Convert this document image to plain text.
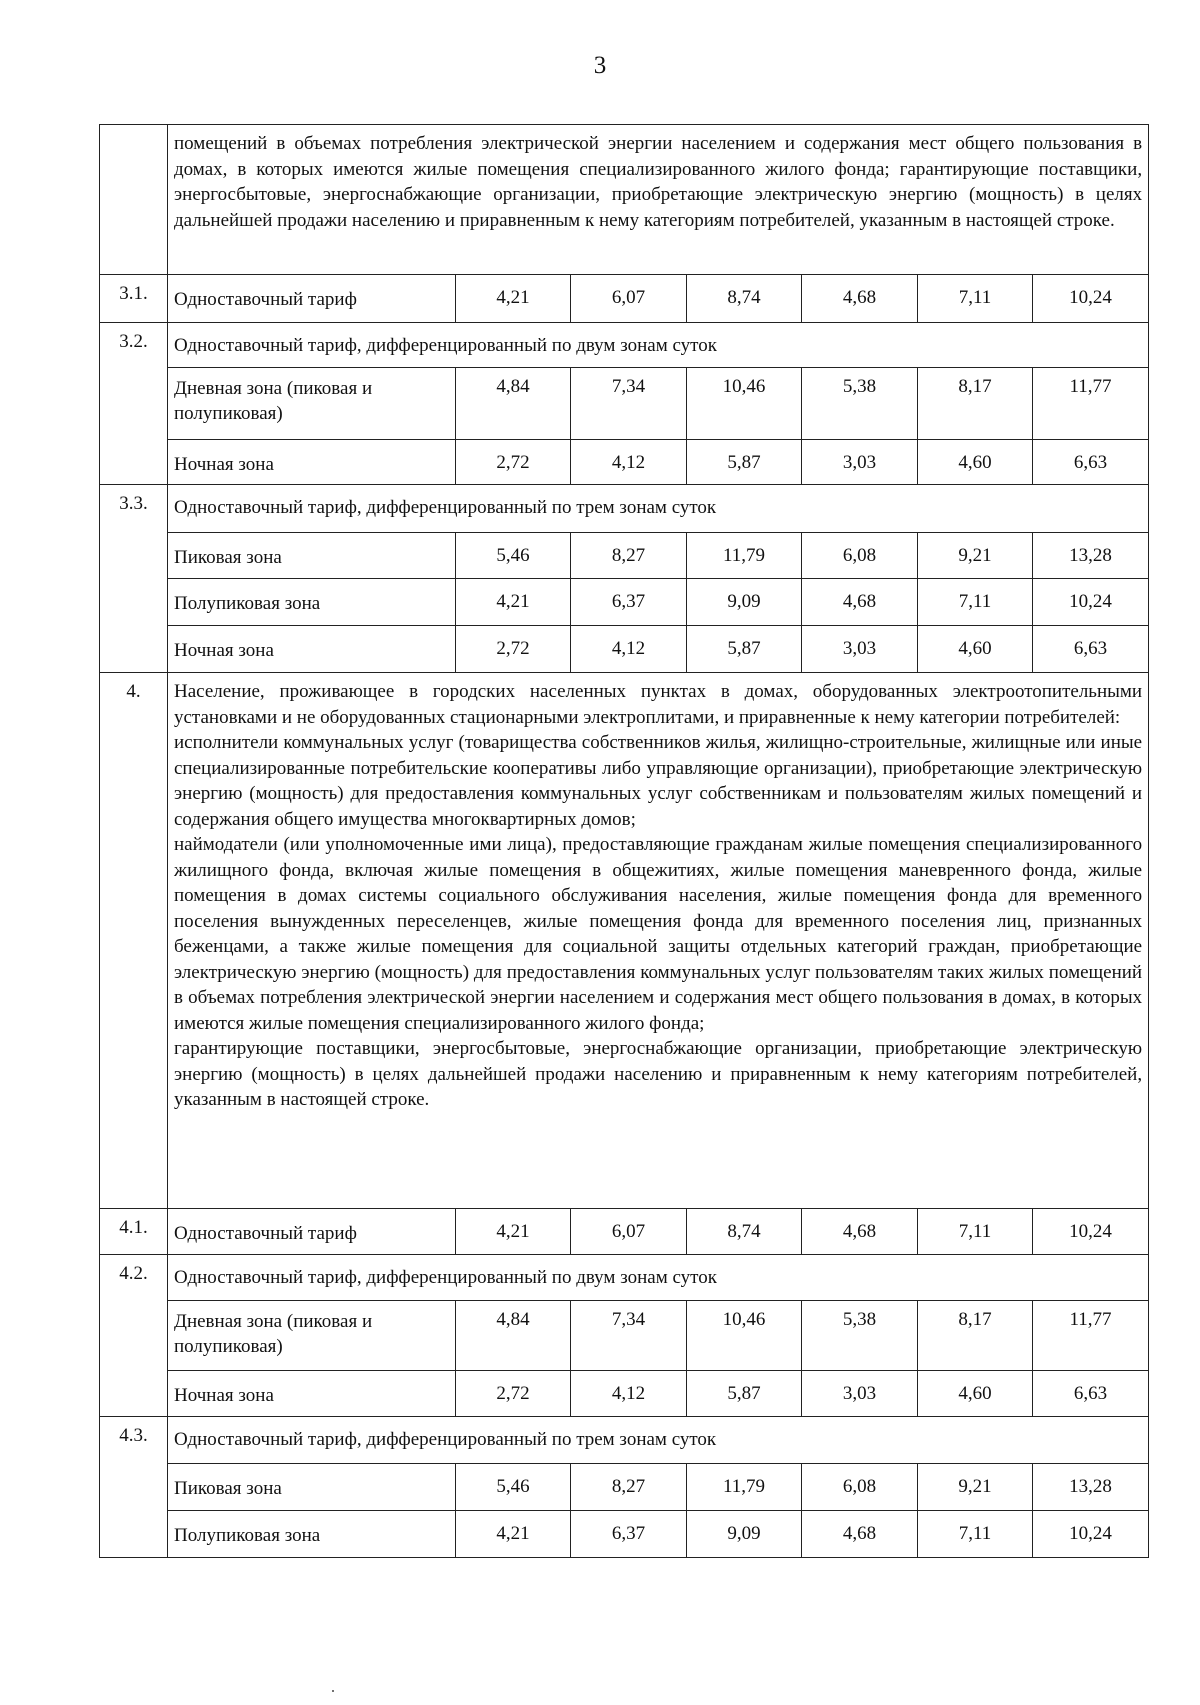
3
	помещений в объемах потребления электрической энергии населением и содержания мест общего пользования в домах, в которых имеются жилые помещения специализированного жилого фонда; гарантирующие поставщики, энергосбытовые, энергоснабжающие организации, приобретающие электрическую энергию (мощность) в целях дальнейшей продажи населению и приравненным к нему категориям потребителей, указанным в настоящей строке.						
3.1.	Одноставочный тариф	4,21	6,07	8,74	4,68	7,11	10,24
3.2.	Одноставочный тариф, дифференцированный по двум зонам суток						
	Дневная зона (пиковая и полупиковая)	4,84	7,34	10,46	5,38	8,17	11,77
	Ночная зона	2,72	4,12	5,87	3,03	4,60	6,63
3.3.	Одноставочный тариф, дифференцированный по трем зонам суток						
	Пиковая зона	5,46	8,27	11,79	6,08	9,21	13,28
	Полупиковая зона	4,21	6,37	9,09	4,68	7,11	10,24
	Ночная зона	2,72	4,12	5,87	3,03	4,60	6,63
4.	Население, проживающее в городских населенных пунктах в домах, оборудованных электроотопительными установками и не оборудованных стационарными электроплитами, и приравненные к нему категории потребителей:

исполнители коммунальных услуг (товарищества собственников жилья, жилищно-строительные, жилищные или иные специализированные потребительские кооперативы либо управляющие организации), приобретающие электрическую энергию (мощность) для предоставления коммунальных услуг собственникам и пользователям жилых помещений и содержания общего имущества многоквартирных домов;

наймодатели (или уполномоченные ими лица), предоставляющие гражданам жилые помещения специализированного жилищного фонда, включая жилые помещения в общежитиях, жилые помещения маневренного фонда, жилые помещения в домах системы социального обслуживания населения, жилые помещения фонда для временного поселения вынужденных переселенцев, жилые помещения фонда для временного поселения лиц, признанных беженцами, а также жилые помещения для социальной защиты отдельных категорий граждан, приобретающие электрическую энергию (мощность) для предоставления коммунальных услуг пользователям таких жилых помещений в объемах потребления электрической энергии населением и содержания мест общего пользования в домах, в которых имеются жилые помещения специализированного жилого фонда;

гарантирующие поставщики, энергосбытовые, энергоснабжающие организации, приобретающие электрическую энергию (мощность) в целях дальнейшей продажи населению и приравненным к нему категориям потребителей, указанным в настоящей строке.						

4.1.	Одноставочный тариф	4,21	6,07	8,74	4,68	7,11	10,24
4.2.	Одноставочный тариф, дифференцированный по двум зонам суток						
	Дневная зона (пиковая и полупиковая)	4,84	7,34	10,46	5,38	8,17	11,77
	Ночная зона	2,72	4,12	5,87	3,03	4,60	6,63
4.3.	Одноставочный тариф, дифференцированный по трем зонам суток						
	Пиковая зона	5,46	8,27	11,79	6,08	9,21	13,28
	Полупиковая зона	4,21	6,37	9,09	4,68	7,11	10,24
